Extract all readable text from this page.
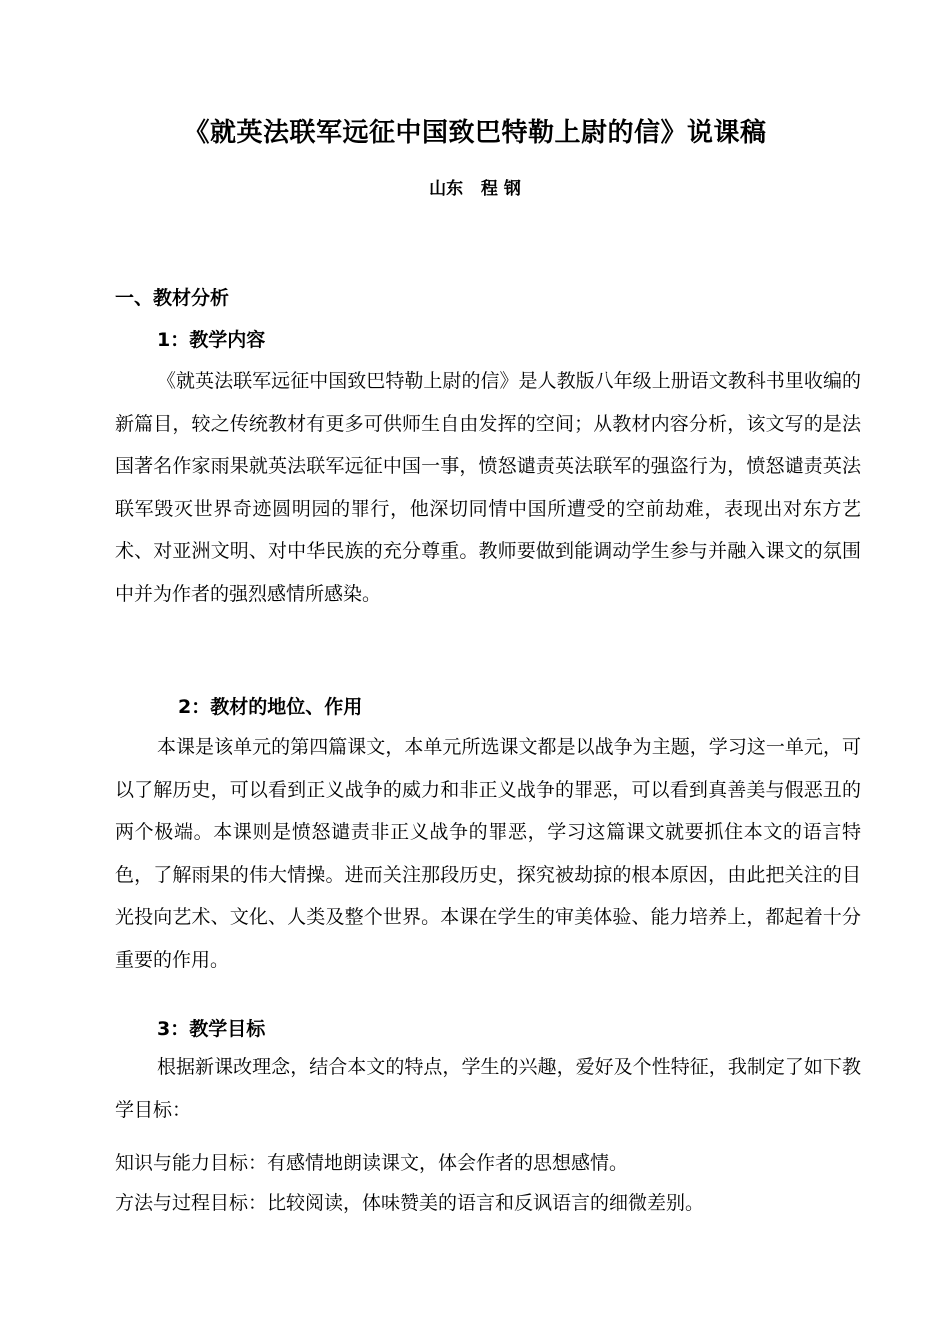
《就英法联军远征中国致巴特勒上尉的信》说课稿
山东   程 钢
一、教材分析
1：教学内容

《就英法联军远征中国致巴特勒上尉的信》是人教版八年级上册语文教科书里收编的新篇目，较之传统教材有更多可供师生自由发挥的空间；从教材内容分析，该文写的是法国著名作家雨果就英法联军远征中国一事，愤怒谴责英法联军的强盗行为，愤怒谴责英法联军毁灭世界奇迹圆明园的罪行，他深切同情中国所遭受的空前劫难，表现出对东方艺术、对亚洲文明、对中华民族的充分尊重。教师要做到能调动学生参与并融入课文的氛围中并为作者的强烈感情所感染。

2：教材的地位、作用

本课是该单元的第四篇课文，本单元所选课文都是以战争为主题，学习这一单元，可以了解历史，可以看到正义战争的威力和非正义战争的罪恶，可以看到真善美与假恶丑的两个极端。本课则是愤怒谴责非正义战争的罪恶，学习这篇课文就要抓住本文的语言特色，了解雨果的伟大情操。进而关注那段历史，探究被劫掠的根本原因，由此把关注的目光投向艺术、文化、人类及整个世界。本课在学生的审美体验、能力培养上，都起着十分重要的作用。

3：教学目标

根据新课改理念，结合本文的特点，学生的兴趣，爱好及个性特征，我制定了如下教学目标：

知识与能力目标：有感情地朗读课文，体会作者的思想感情。

方法与过程目标：比较阅读，体味赞美的语言和反讽语言的细微差别。
